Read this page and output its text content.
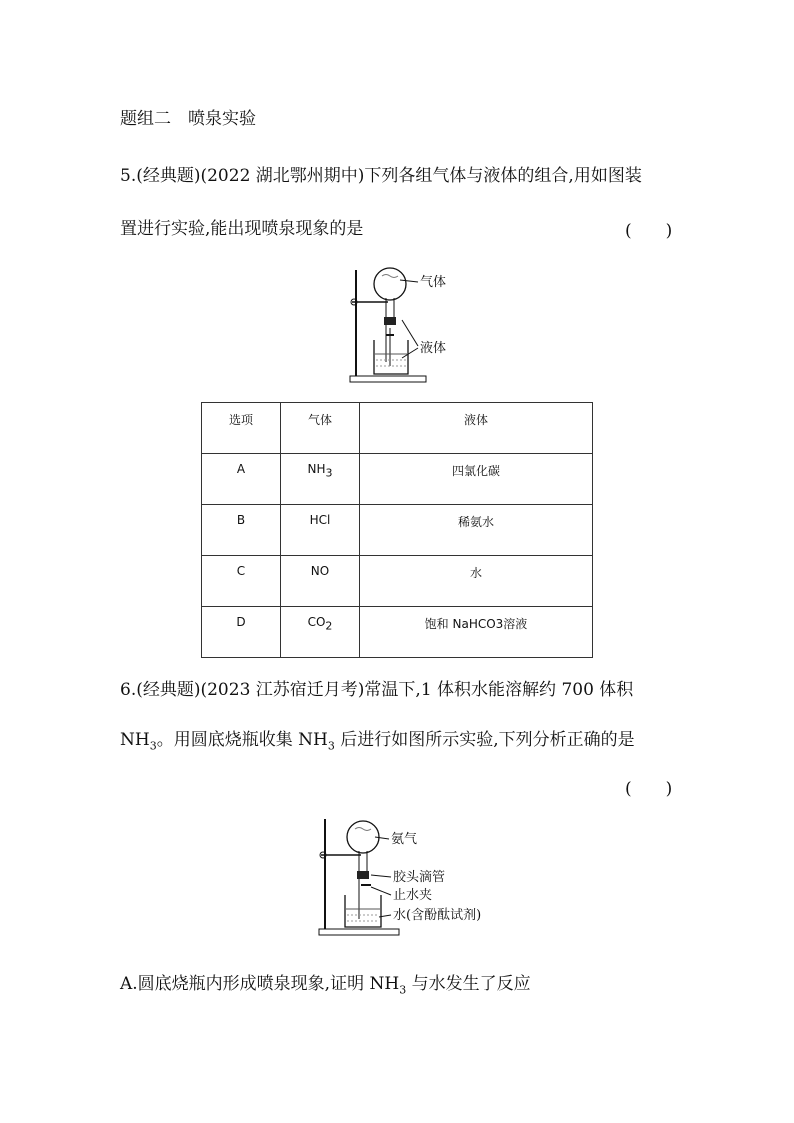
题组二　喷泉实验
5.(经典题)(2022 湖北鄂州期中)下列各组气体与液体的组合,用如图装
置进行实验,能出现喷泉现象的是	(　　)
气体
液体
选项	气体	液体
A	$NH_3$	四氯化碳
B	HCl	稀氨水
C	NO	水
D	$CO_2$	饱和 NaHCO3溶液
6.(经典题)(2023 江苏宿迁月考)常温下,1 体积水能溶解约 700 体积
$NH_3$。用圆底烧瓶收集 $NH_3$ 后进行如图所示实验,下列分析正确的是
(　　)
氨气
胶头滴管
止水夹
水(含酚酞试剂)
A.圆底烧瓶内形成喷泉现象,证明 $NH_3$ 与水发生了反应
